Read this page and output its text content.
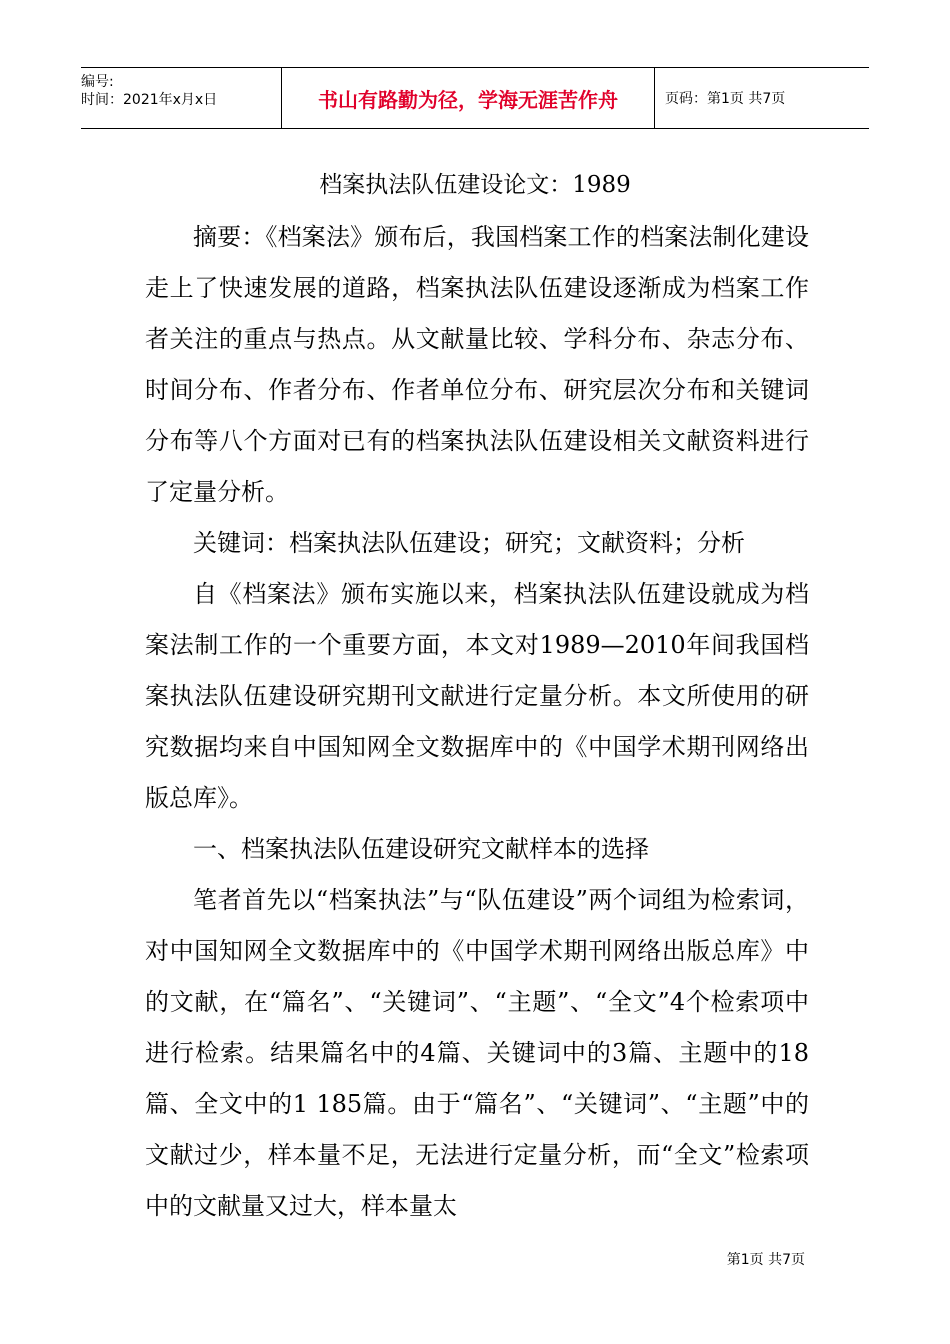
编号:
时间：2021年x月x日	书山有路勤为径，学海无涯苦作舟	页码：第1页 共7页
档案执法队伍建设论文：1989

摘要：《档案法》颁布后，我国档案工作的档案法制化建设走上了快速发展的道路，档案执法队伍建设逐渐成为档案工作者关注的重点与热点。从文献量比较、学科分布、杂志分布、时间分布、作者分布、作者单位分布、研究层次分布和关键词分布等八个方面对已有的档案执法队伍建设相关文献资料进行了定量分析。

关键词：档案执法队伍建设；研究；文献资料；分析

自《档案法》颁布实施以来，档案执法队伍建设就成为档案法制工作的一个重要方面，本文对1989—2010年间我国档案执法队伍建设研究期刊文献进行定量分析。本文所使用的研究数据均来自中国知网全文数据库中的《中国学术期刊网络出版总库》。

一、档案执法队伍建设研究文献样本的选择

笔者首先以“档案执法”与“队伍建设”两个词组为检索词，对中国知网全文数据库中的《中国学术期刊网络出版总库》中的文献，在“篇名”、“关键词”、“主题”、“全文”4个检索项中进行检索。结果篇名中的4篇、关键词中的3篇、主题中的18篇、全文中的1 185篇。由于“篇名”、“关键词”、“主题”中的文献过少，样本量不足，无法进行定量分析，而“全文”检索项中的文献量又过大，样本量太

第1页 共7页
